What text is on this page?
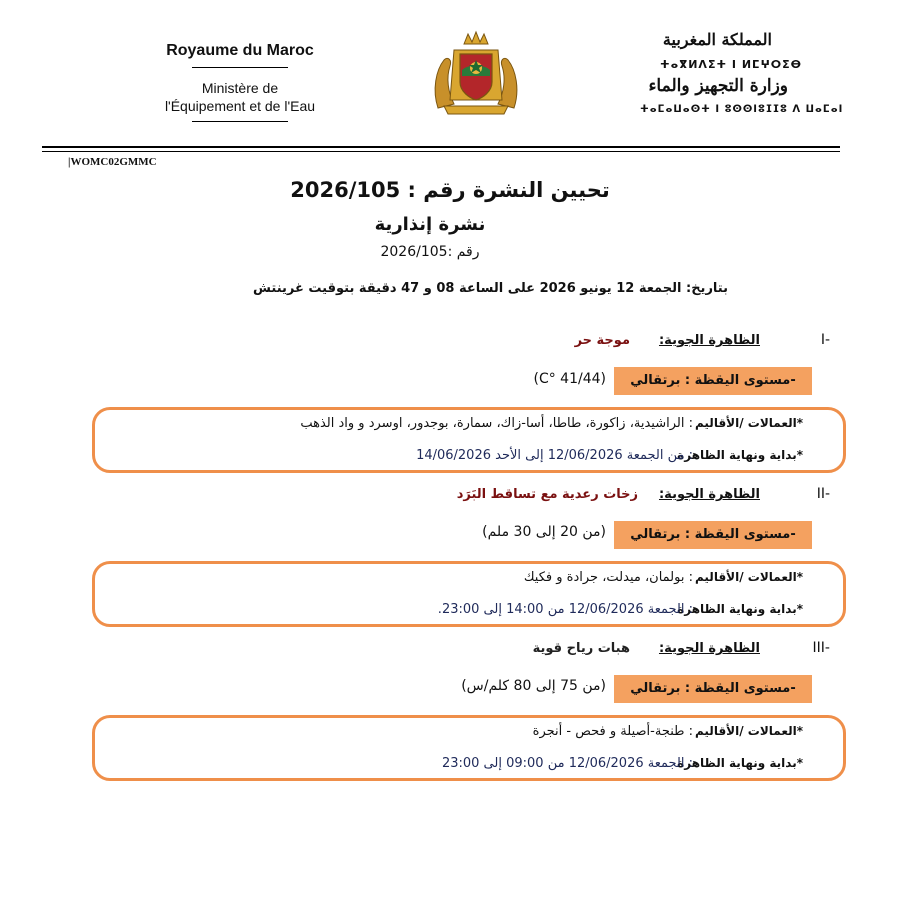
Royaume du Maroc
Ministère de
l'Équipement et de l'Eau
المملكة المغربية
ⵜⴰⴳⵍⴷⵉⵜ ⵏ ⵍⵎⵖⵔⵉⴱ
وزارة التجهيز والماء
ⵜⴰⵎⴰⵡⴰⵙⵜ ⵏ ⵓⵙⵙⵏⵓⵊⵊⵓ ⴷ ⵡⴰⵎⴰⵏ
|WOMC02GMMC
تحيين النشرة رقم : 2026/105
نشرة إنذارية
رقم :2026/105
بتاريخ: الجمعة 12 يونيو 2026 على الساعة 08 و 47 دقيقة بتوقيت غرينتش
I-
الظاهرة الجوية:
موجة حر
-مستوى اليقظة : برتقالي
(41/44 °C)
*العمالات /الأقاليم
: الراشيدية، زاكورة، طاطا، أسا-زاك، سمارة، بوجدور، اوسرد و واد الذهب
*بداية ونهاية الظاهرة
: من الجمعة 12/06/2026 إلى الأحد 14/06/2026
II-
الظاهرة الجوية:
زخات رعدية مع تساقط البَرَد
-مستوى اليقظة : برتقالي
(من 20 إلى 30 ملم)
*العمالات /الأقاليم
: بولمان، ميدلت، جرادة و فكيك
*بداية ونهاية الظاهرة
: الجمعة 12/06/2026 من 14:00 إلى 23:00.
III-
الظاهرة الجوية:
هبات رياح قوية
-مستوى اليقظة : برتقالي
(من 75 إلى 80 كلم/س)
*العمالات /الأقاليم
: طنجة-أصيلة و فحص - أنجرة
*بداية ونهاية الظاهرة
: الجمعة 12/06/2026 من 09:00 إلى 23:00
